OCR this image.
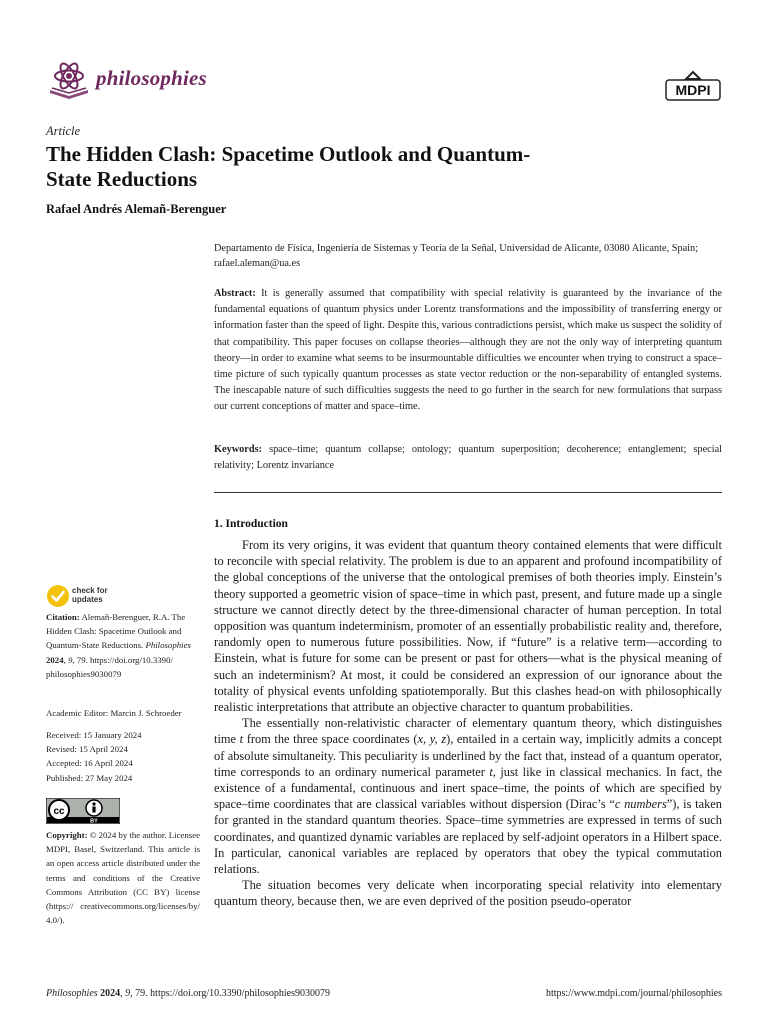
philosophies	MDPI
Article
The Hidden Clash: Spacetime Outlook and Quantum-State Reductions
Rafael Andrés Alemañ-Berenguer
Departamento de Física, Ingeniería de Sistemas y Teoría de la Señal, Universidad de Alicante, 03080 Alicante, Spain; rafael.aleman@ua.es
Abstract: It is generally assumed that compatibility with special relativity is guaranteed by the invariance of the fundamental equations of quantum physics under Lorentz transformations and the impossibility of transferring energy or information faster than the speed of light. Despite this, various contradictions persist, which make us suspect the solidity of that compatibility. This paper focuses on collapse theories—although they are not the only way of interpreting quantum theory—in order to examine what seems to be insurmountable difficulties we encounter when trying to construct a space–time picture of such typically quantum processes as state vector reduction or the non-separability of entangled systems. The inescapable nature of such difficulties suggests the need to go further in the search for new formulations that surpass our current conceptions of matter and space–time.
Keywords: space–time; quantum collapse; ontology; quantum superposition; decoherence; entanglement; special relativity; Lorentz invariance
1. Introduction

From its very origins, it was evident that quantum theory contained elements that were difficult to reconcile with special relativity. The problem is due to an apparent and profound incompatibility of the global conceptions of the universe that the ontological premises of both theories imply. Einstein’s theory supported a geometric vision of space–time in which past, present, and future made up a single structure we cannot directly detect by the three-dimensional character of human perception. In total opposition was quantum indeterminism, promoter of an essentially probabilistic reality and, therefore, randomly open to numerous future possibilities. Now, if “future” is a relative term—according to Einstein, what is future for some can be present or past for others—what is the physical meaning of such an indeterminism? At most, it could be considered an expression of our ignorance about the totality of physical events unfolding spatiotemporally. But this clashes head-on with philosophically realistic interpretations that attribute an objective character to quantum probabilities.

The essentially non-relativistic character of elementary quantum theory, which distinguishes time t from the three space coordinates (x, y, z), entailed in a certain way, implicitly admits a concept of absolute simultaneity. This peculiarity is underlined by the fact that, instead of a quantum operator, time corresponds to an ordinary numerical parameter t, just like in classical mechanics. In fact, the existence of a fundamental, continuous and inert space–time, the points of which are specified by space–time coordinates that are classical variables without dispersion (Dirac’s “c numbers”), is taken for granted in the standard quantum theories. Space–time symmetries are expressed in terms of such coordinates, and quantized dynamic variables are replaced by self-adjoint operators in a Hilbert space. In particular, canonical variables are replaced by operators that obey the typical commutation relations.

The situation becomes very delicate when incorporating special relativity into elementary quantum theory, because then, we are even deprived of the position pseudo-operator

check for
updates
Citation: Alemañ-Berenguer, R.A. The Hidden Clash: Spacetime Outlook and Quantum-State Reductions. Philosophies 2024, 9, 79. https://doi.org/10.3390/ philosophies9030079
Academic Editor: Marcin J. Schroeder
Received: 15 January 2024
Revised: 15 April 2024
Accepted: 16 April 2024
Published: 27 May 2024
cc
BY
Copyright: © 2024 by the author. Licensee MDPI, Basel, Switzerland. This article is an open access article distributed under the terms and conditions of the Creative Commons Attribution (CC BY) license (https:// creativecommons.org/licenses/by/ 4.0/).
Philosophies 2024, 9, 79. https://doi.org/10.3390/philosophies9030079	https://www.mdpi.com/journal/philosophies
